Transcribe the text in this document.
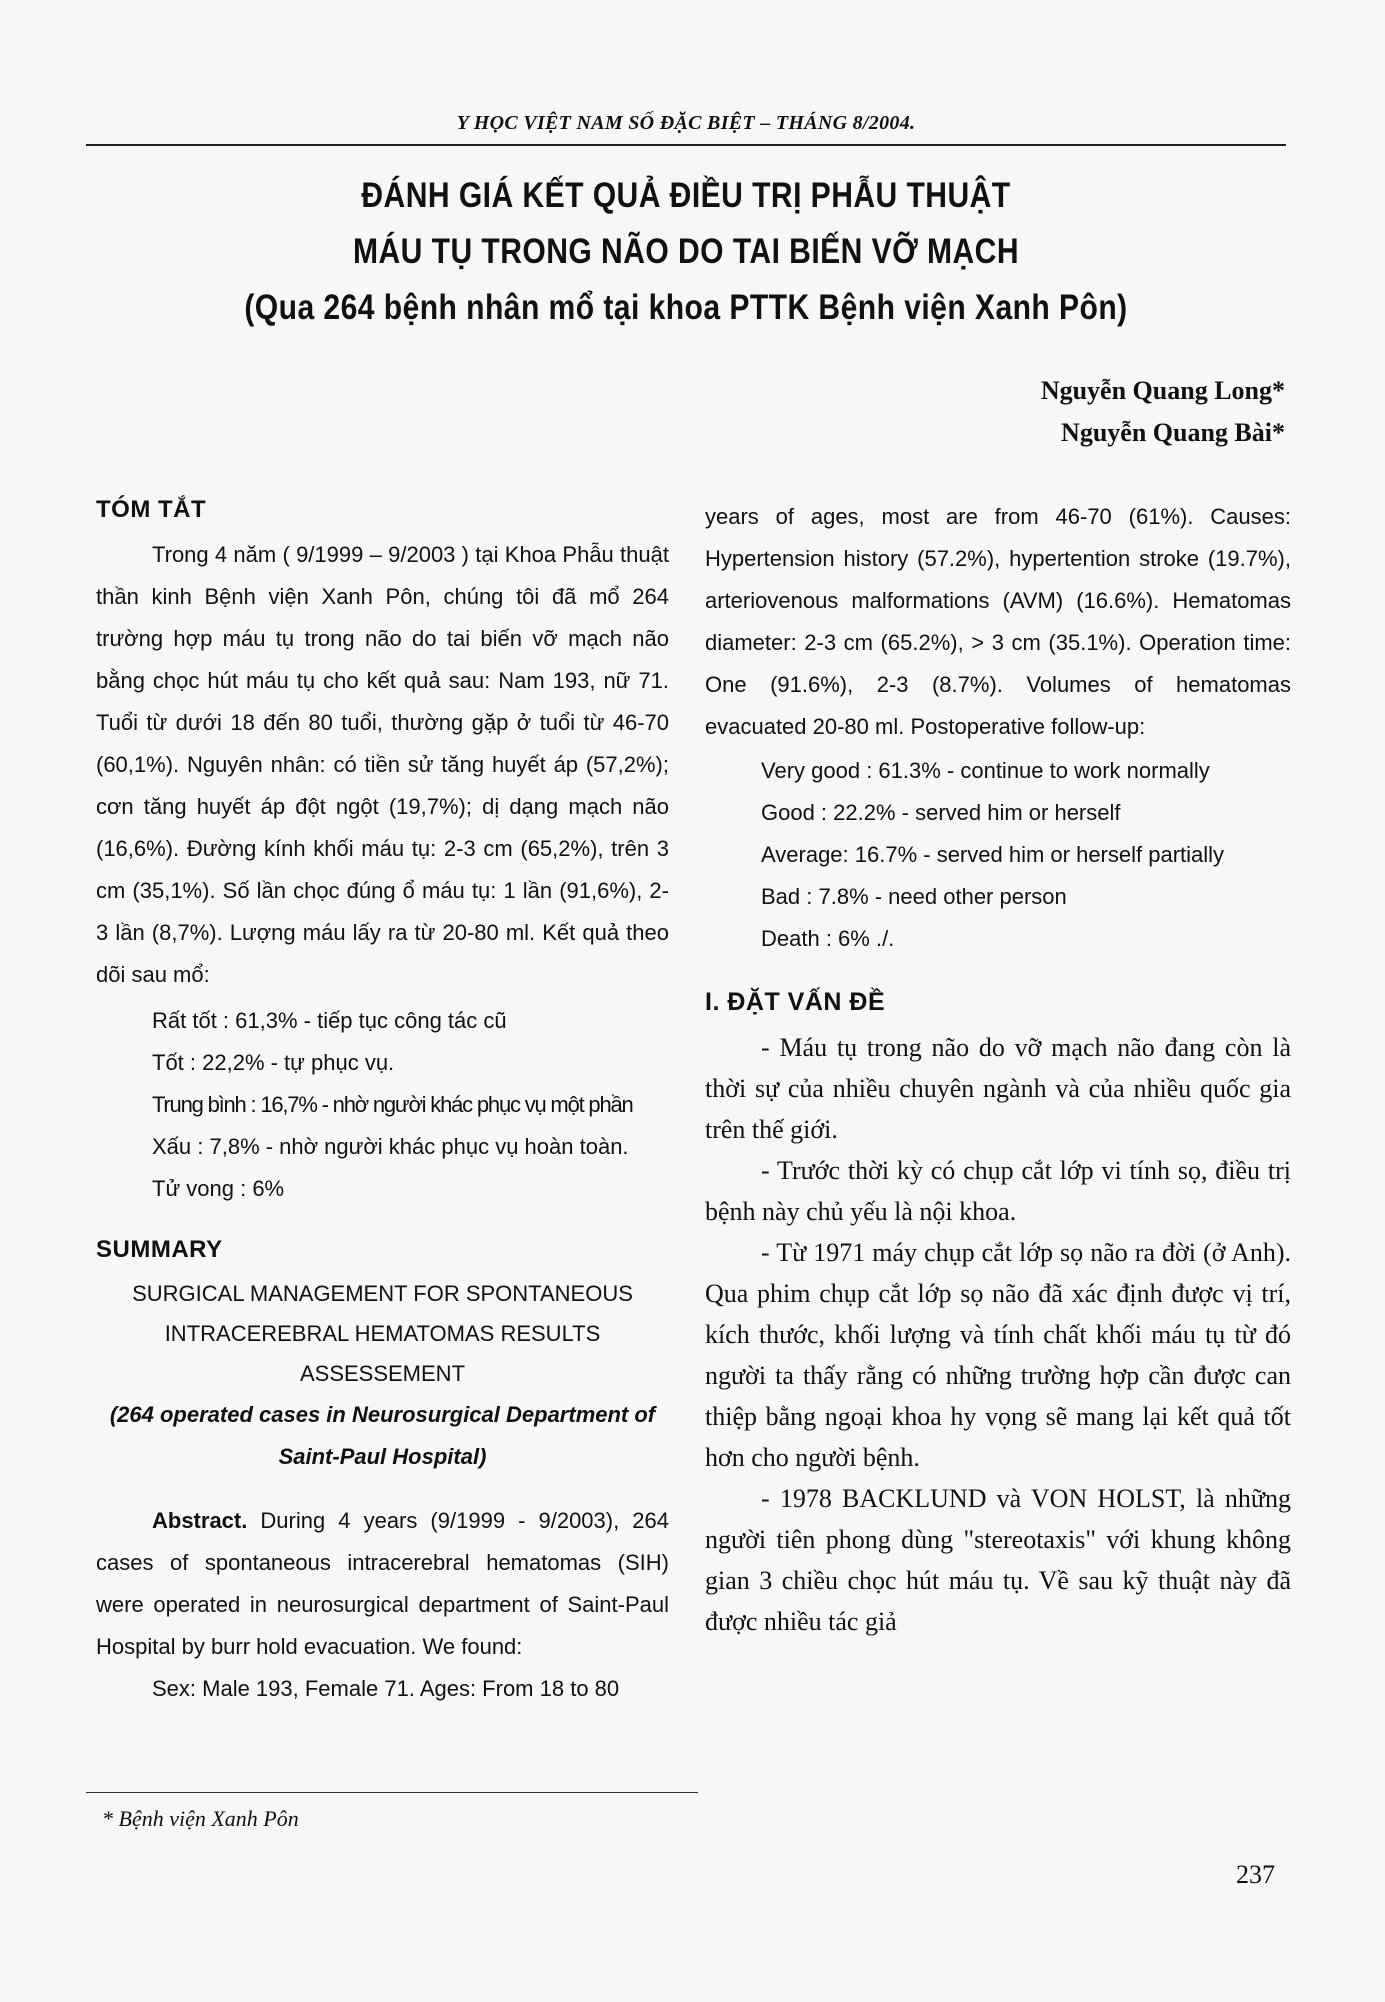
Y HỌC VIỆT NAM SỐ ĐẶC BIỆT – THÁNG 8/2004.
ĐÁNH GIÁ KẾT QUẢ ĐIỀU TRỊ PHẪU THUẬT
MÁU TỤ TRONG NÃO DO TAI BIẾN VỠ MẠCH
(Qua 264 bệnh nhân mổ tại khoa PTTK Bệnh viện Xanh Pôn)
Nguyễn Quang Long*
Nguyễn Quang Bài*
TÓM TẮT

Trong 4 năm ( 9/1999 – 9/2003 ) tại Khoa Phẫu thuật thần kinh Bệnh viện Xanh Pôn, chúng tôi đã mổ 264 trường hợp máu tụ trong não do tai biến vỡ mạch não bằng chọc hút máu tụ cho kết quả sau: Nam 193, nữ 71. Tuổi từ dưới 18 đến 80 tuổi, thường gặp ở tuổi từ 46-70 (60,1%). Nguyên nhân: có tiền sử tăng huyết áp (57,2%); cơn tăng huyết áp đột ngột (19,7%); dị dạng mạch não (16,6%). Đường kính khối máu tụ: 2-3 cm (65,2%), trên 3 cm (35,1%). Số lần chọc đúng ổ máu tụ: 1 lần (91,6%), 2-3 lần (8,7%). Lượng máu lấy ra từ 20-80 ml. Kết quả theo dõi sau mổ:

Rất tốt : 61,3% - tiếp tục công tác cũ
Tốt : 22,2% - tự phục vụ.
Trung bình : 16,7% - nhờ người khác phục vụ một phần
Xấu : 7,8% - nhờ người khác phục vụ hoàn toàn.
Tử vong : 6%
SUMMARY
SURGICAL MANAGEMENT FOR SPONTANEOUS INTRACEREBRAL HEMATOMAS RESULTS ASSESSEMENT
(264 operated cases in Neurosurgical Department of Saint-Paul Hospital)

Abstract. During 4 years (9/1999 - 9/2003), 264 cases of spontaneous intracerebral hematomas (SIH) were operated in neurosurgical department of Saint-Paul Hospital by burr hold evacuation. We found:

Sex: Male 193, Female 71. Ages: From 18 to 80

years of ages, most are from 46-70 (61%). Causes: Hypertension history (57.2%), hypertention stroke (19.7%), arteriovenous malformations (AVM) (16.6%). Hematomas diameter: 2-3 cm (65.2%), > 3 cm (35.1%). Operation time: One (91.6%), 2-3 (8.7%). Volumes of hematomas evacuated 20-80 ml. Postoperative follow-up:

Very good : 61.3% - continue to work normally
Good : 22.2% - served him or herself
Average: 16.7% - served him or herself partially
Bad : 7.8% - need other person
Death : 6% ./.
I. ĐẶT VẤN ĐỀ

- Máu tụ trong não do vỡ mạch não đang còn là thời sự của nhiều chuyên ngành và của nhiều quốc gia trên thế giới.

- Trước thời kỳ có chụp cắt lớp vi tính sọ, điều trị bệnh này chủ yếu là nội khoa.

- Từ 1971 máy chụp cắt lớp sọ não ra đời (ở Anh). Qua phim chụp cắt lớp sọ não đã xác định được vị trí, kích thước, khối lượng và tính chất khối máu tụ từ đó người ta thấy rằng có những trường hợp cần được can thiệp bằng ngoại khoa hy vọng sẽ mang lại kết quả tốt hơn cho người bệnh.

- 1978 BACKLUND và VON HOLST, là những người tiên phong dùng "stereotaxis" với khung không gian 3 chiều chọc hút máu tụ. Về sau kỹ thuật này đã được nhiều tác giả

* Bệnh viện Xanh Pôn
237
